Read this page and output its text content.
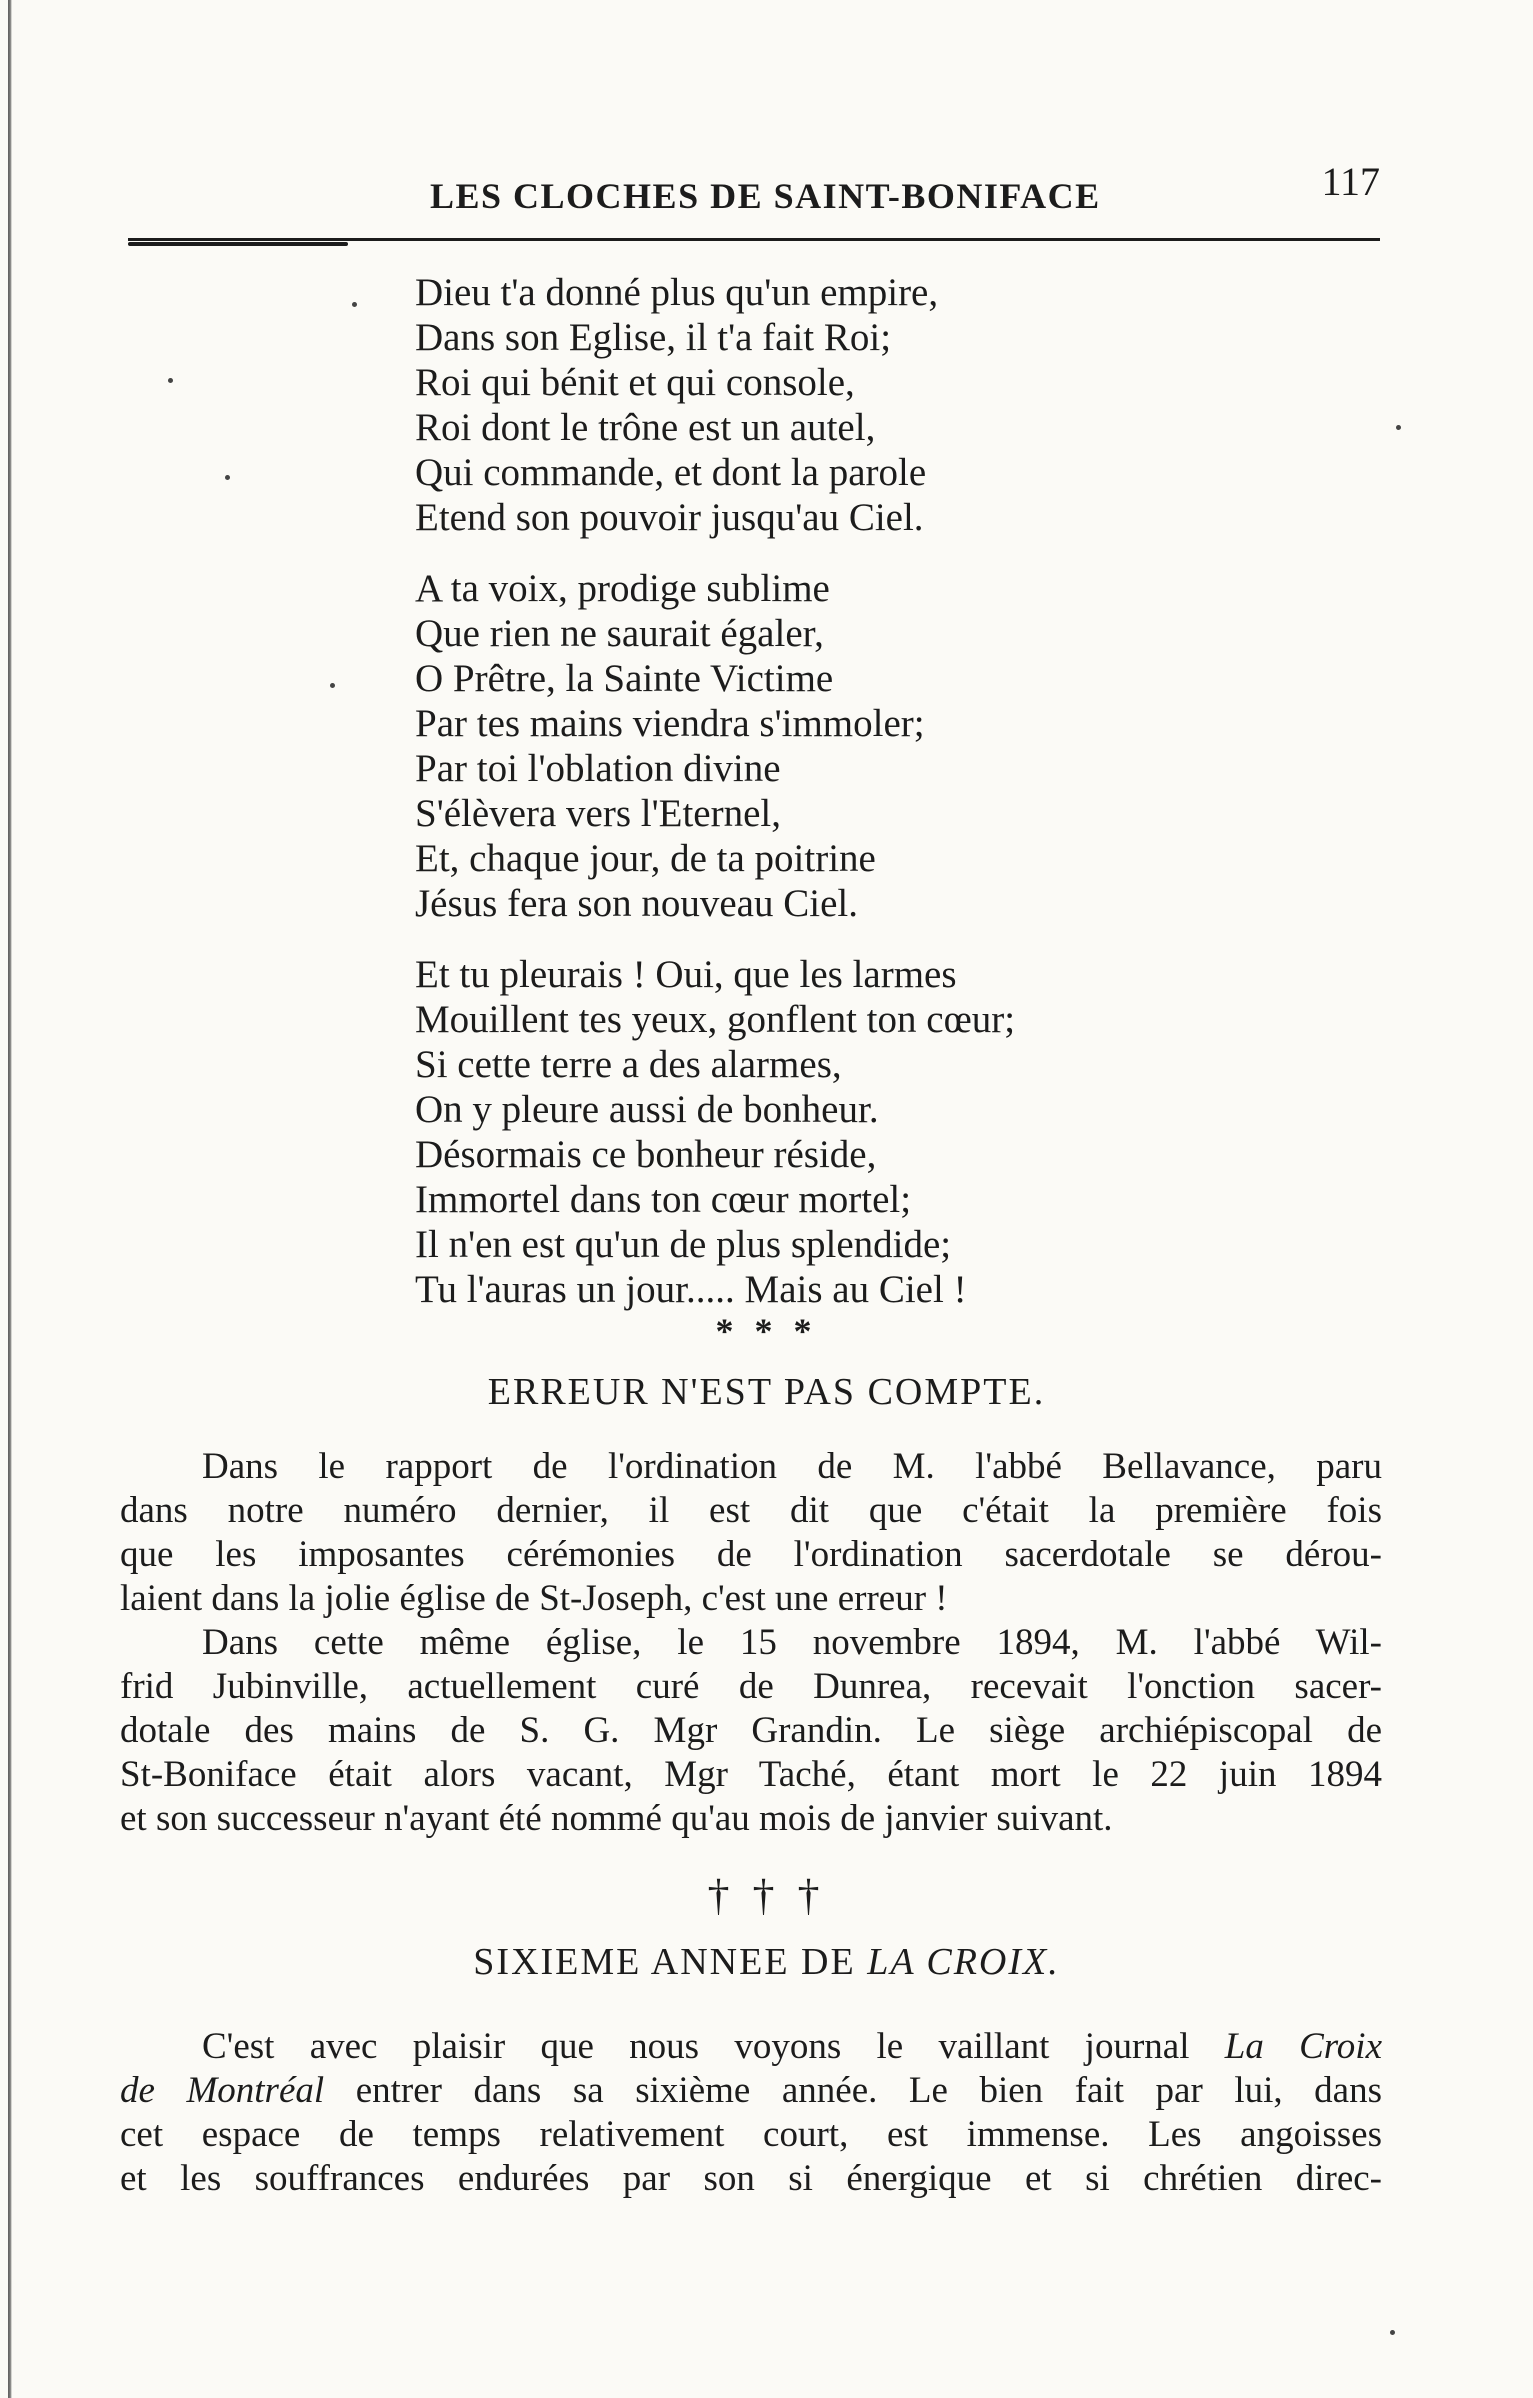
LES CLOCHES DE SAINT-BONIFACE	117
Dieu t'a donné plus qu'un empire,
Dans son Eglise, il t'a fait Roi;
Roi qui bénit et qui console,
Roi dont le trône est un autel,
Qui commande, et dont la parole
Etend son pouvoir jusqu'au Ciel.
A ta voix, prodige sublime
Que rien ne saurait égaler,
O Prêtre, la Sainte Victime
Par tes mains viendra s'immoler;
Par toi l'oblation divine
S'élèvera vers l'Eternel,
Et, chaque jour, de ta poitrine
Jésus fera son nouveau Ciel.
Et tu pleurais ! Oui, que les larmes
Mouillent tes yeux, gonflent ton cœur;
Si cette terre a des alarmes,
On y pleure aussi de bonheur.
Désormais ce bonheur réside,
Immortel dans ton cœur mortel;
Il n'en est qu'un de plus splendide;
Tu l'auras un jour..... Mais au Ciel !
* * *
ERREUR N'EST PAS COMPTE.
Dans le rapport de l'ordination de M. l'abbé Bellavance, paru
dans notre numéro dernier, il est dit que c'était la première fois
que les imposantes cérémonies de l'ordination sacerdotale se dérou-
laient dans la jolie église de St-Joseph, c'est une erreur !
Dans cette même église, le 15 novembre 1894, M. l'abbé Wil-
frid Jubinville, actuellement curé de Dunrea, recevait l'onction sacer-
dotale des mains de S. G. Mgr Grandin. Le siège archiépiscopal de
St-Boniface était alors vacant, Mgr Taché, étant mort le 22 juin 1894
et son successeur n'ayant été nommé qu'au mois de janvier suivant.
† † †
SIXIEME ANNEE DE LA CROIX.
C'est avec plaisir que nous voyons le vaillant journal La Croix
de Montréal entrer dans sa sixième année. Le bien fait par lui, dans
cet espace de temps relativement court, est immense. Les angoisses
et les souffrances endurées par son si énergique et si chrétien direc-
